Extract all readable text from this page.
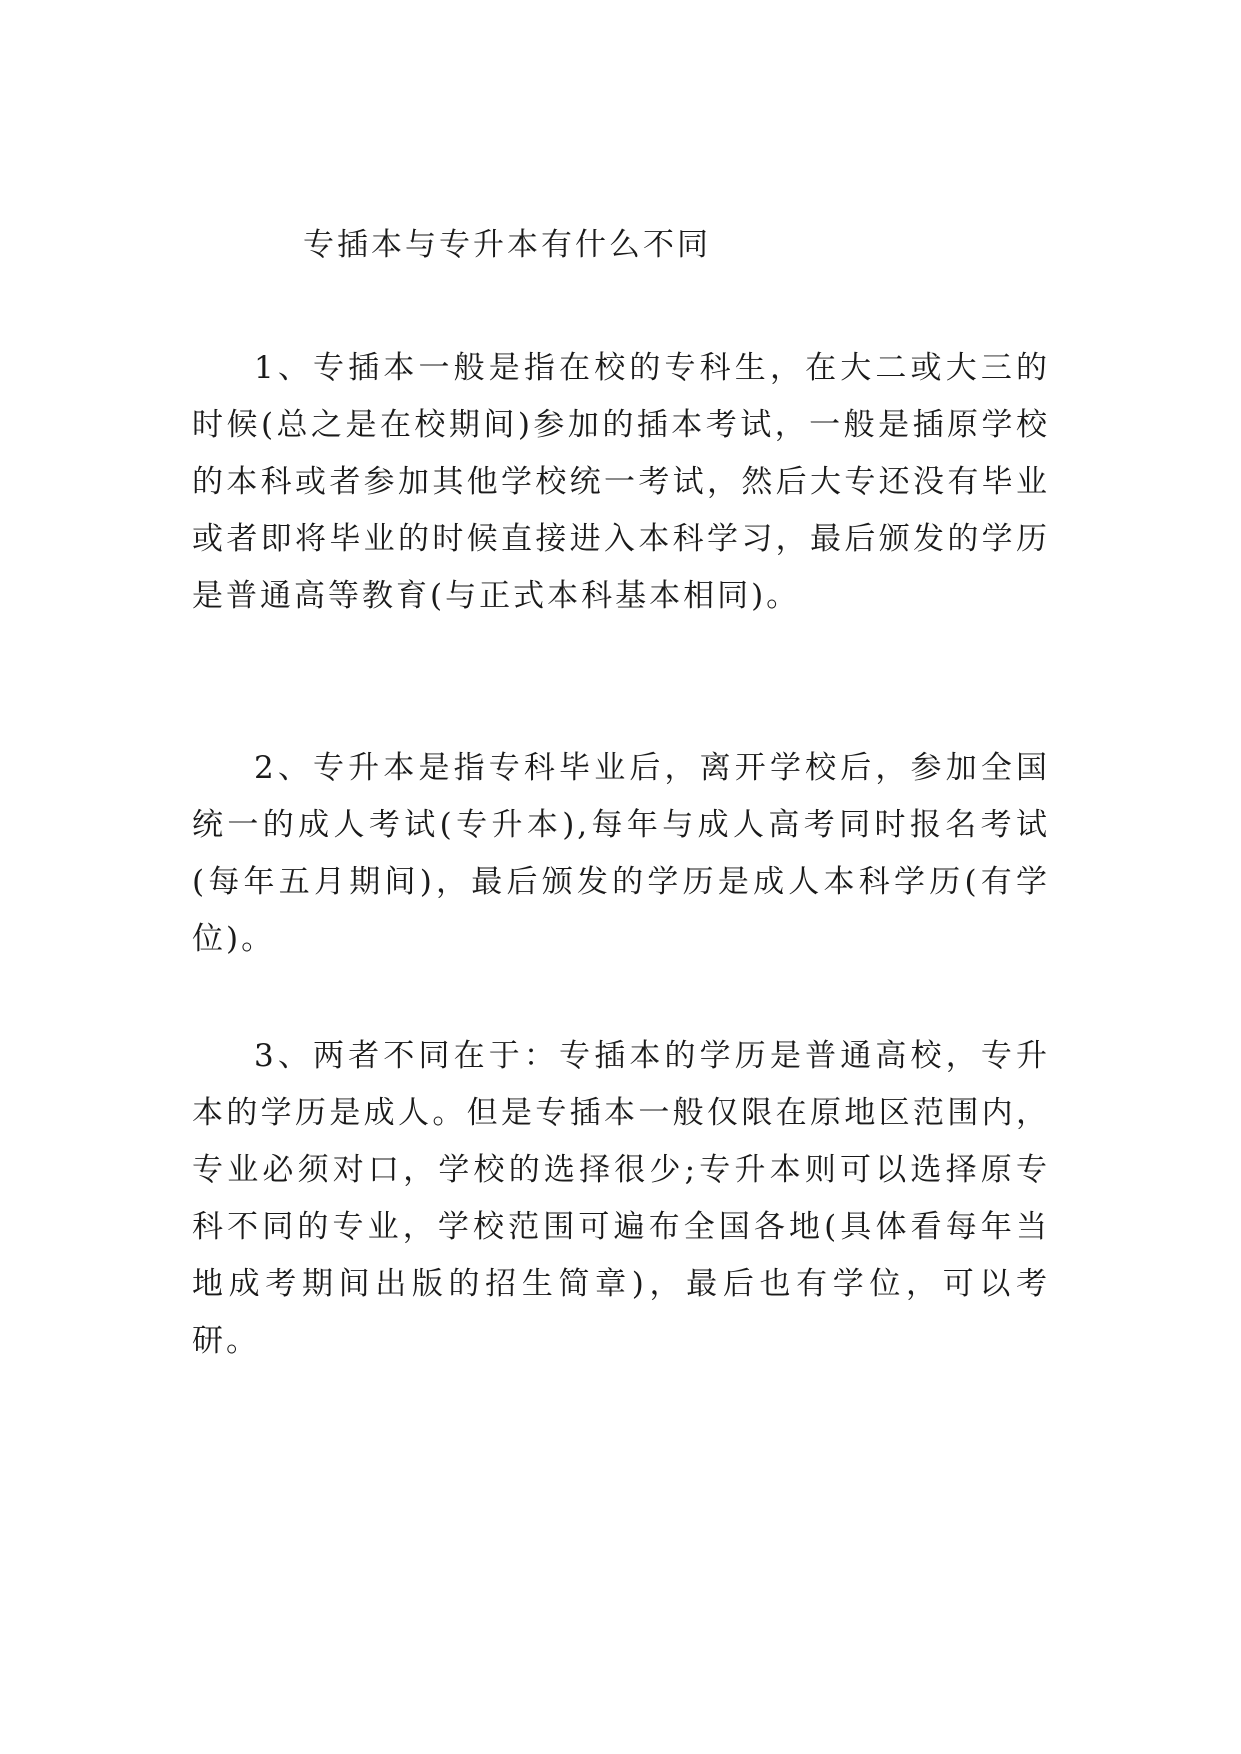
专插本与专升本有什么不同

1、专插本一般是指在校的专科生，在大二或大三的时候(总之是在校期间)参加的插本考试，一般是插原学校的本科或者参加其他学校统一考试，然后大专还没有毕业或者即将毕业的时候直接进入本科学习，最后颁发的学历是普通高等教育(与正式本科基本相同)。

2、专升本是指专科毕业后，离开学校后，参加全国统一的成人考试(专升本),每年与成人高考同时报名考试(每年五月期间)，最后颁发的学历是成人本科学历(有学位)。

3、两者不同在于：专插本的学历是普通高校，专升本的学历是成人。但是专插本一般仅限在原地区范围内，专业必须对口，学校的选择很少;专升本则可以选择原专科不同的专业，学校范围可遍布全国各地(具体看每年当地成考期间出版的招生简章)，最后也有学位，可以考研。
